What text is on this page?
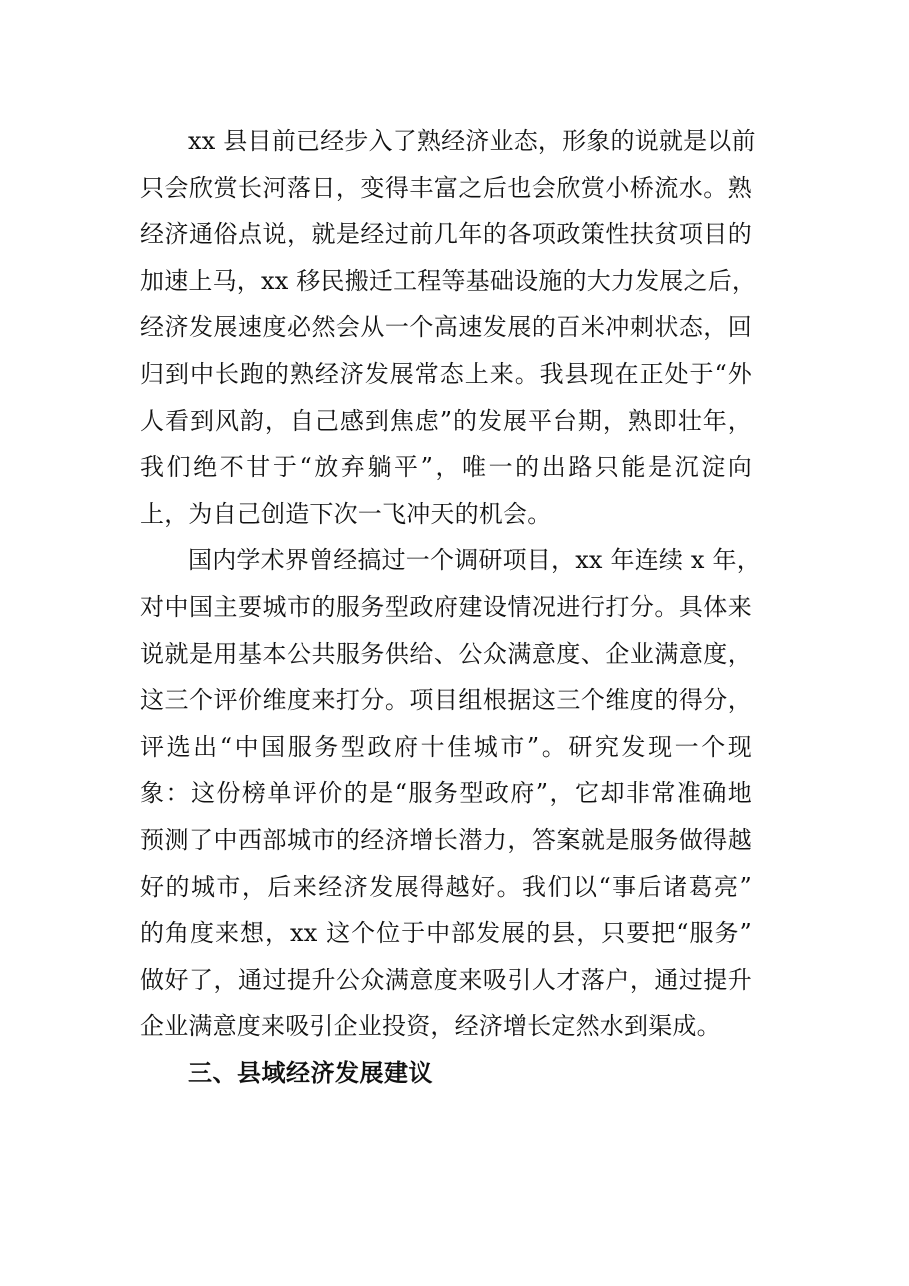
xx 县目前已经步入了熟经济业态，形象的说就是以前
只会欣赏长河落日，变得丰富之后也会欣赏小桥流水。熟
经济通俗点说，就是经过前几年的各项政策性扶贫项目的
加速上马，xx 移民搬迁工程等基础设施的大力发展之后，
经济发展速度必然会从一个高速发展的百米冲刺状态，回
归到中长跑的熟经济发展常态上来。我县现在正处于“外
人看到风韵，自己感到焦虑”的发展平台期，熟即壮年，
我们绝不甘于“放弃躺平”，唯一的出路只能是沉淀向
上，为自己创造下次一飞冲天的机会。

国内学术界曾经搞过一个调研项目，xx 年连续 x 年，
对中国主要城市的服务型政府建设情况进行打分。具体来
说就是用基本公共服务供给、公众满意度、企业满意度，
这三个评价维度来打分。项目组根据这三个维度的得分，
评选出“中国服务型政府十佳城市”。研究发现一个现
象：这份榜单评价的是“服务型政府”，它却非常准确地
预测了中西部城市的经济增长潜力，答案就是服务做得越
好的城市，后来经济发展得越好。我们以“事后诸葛亮”
的角度来想，xx 这个位于中部发展的县，只要把“服务”
做好了，通过提升公众满意度来吸引人才落户，通过提升
企业满意度来吸引企业投资，经济增长定然水到渠成。

三、县域经济发展建议
